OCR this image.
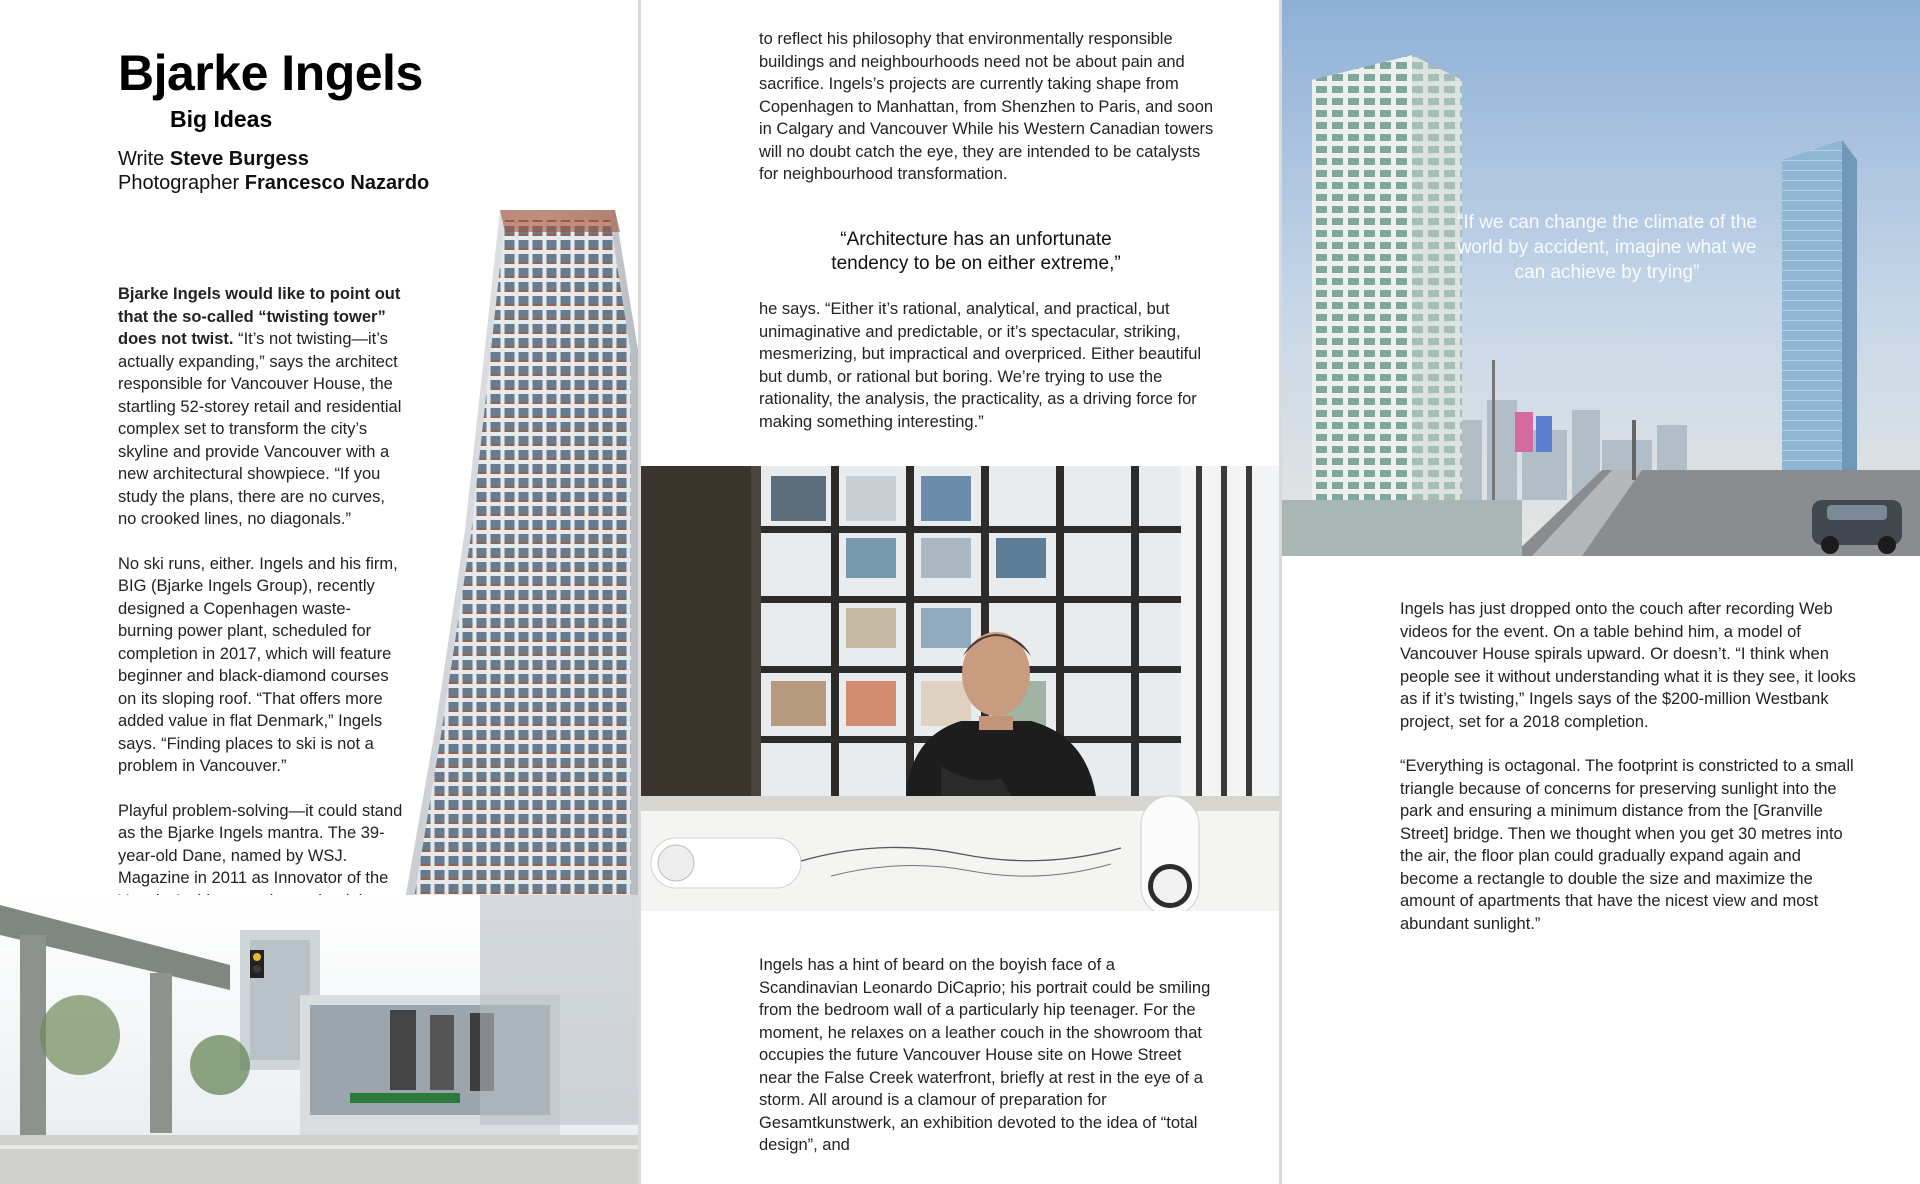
Bjarke Ingels
Big Ideas
Write Steve Burgess
Photographer Francesco Nazardo

Bjarke Ingels would like to point out that the so-called “twisting tower” does not twist. “It’s not twisting—it’s actually expanding,” says the architect responsible for Vancouver House, the startling 52-storey retail and residential complex set to transform the city’s skyline and provide Vancouver with a new architectural showpiece. “If you study the plans, there are no curves, no crooked lines, no diagonals.”

No ski runs, either. Ingels and his firm, BIG (Bjarke Ingels Group), recently designed a Copenhagen waste-burning power plant, scheduled for completion in 2017, which will feature beginner and black-diamond courses on its sloping roof. “That offers more added value in flat Denmark,” Ingels says. “Finding places to ski is not a problem in Vancouver.”

Playful problem-solving—it could stand as the Bjarke Ingels mantra. The 39-year-old Dane, named by WSJ. Magazine in 2011 as Innovator of the

to reflect his philosophy that environmentally responsible buildings and neighbourhoods need not be about pain and sacrifice. Ingels’s projects are currently taking shape from Copenhagen to Manhattan, from Shenzhen to Paris, and soon in Calgary and Vancouver While his Western Canadian towers will no doubt catch the eye, they are intended to be catalysts for neighbourhood transformation.

“Architecture has an unfortunate tendency to be on either extreme,”

he says. “Either it’s rational, analytical, and practical, but unimaginative and predictable, or it’s spectacular, striking, mesmerizing, but impractical and overpriced. Either beautiful but dumb, or rational but boring. We’re trying to use the rationality, the analysis, the practicality, as a driving force for making something interesting.”

Ingels has a hint of beard on the boyish face of a Scandinavian Leonardo DiCaprio; his portrait could be smiling from the bedroom wall of a particularly hip teenager. For the moment, he relaxes on a leather couch in the showroom that occupies the future Vancouver House site on Howe Street near the False Creek waterfront, briefly at rest in the eye of a storm. All around is a clamour of preparation for Gesamtkunstwerk, an exhibition devoted to the idea of “total design”, and

“If we can change the climate of the world by accident, imagine what we can achieve by trying”

Ingels has just dropped onto the couch after recording Web videos for the event. On a table behind him, a model of Vancouver House spirals upward. Or doesn’t. “I think when people see it without understanding what it is they see, it looks as if it’s twisting,” Ingels says of the $200-million Westbank project, set for a 2018 completion.

“Everything is octagonal. The footprint is constricted to a small triangle because of concerns for preserving sunlight into the park and ensuring a minimum distance from the [Granville Street] bridge. Then we thought when you get 30 metres into the air, the floor plan could gradually expand again and become a rectangle to double the size and maximize the amount of apartments that have the nicest view and most abundant sunlight.”
